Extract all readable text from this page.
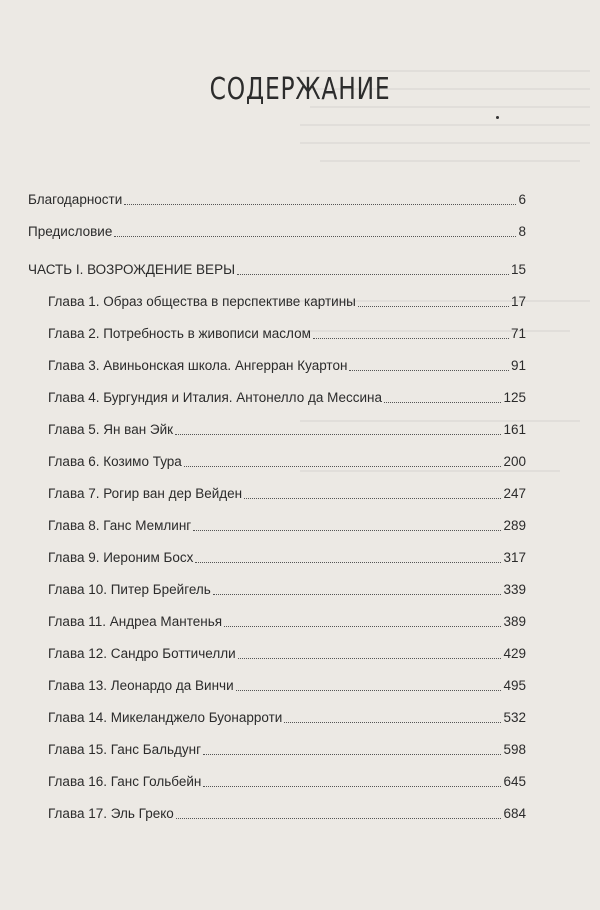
СОДЕРЖАНИЕ
Благодарности	6
Предисловие	8
ЧАСТЬ I. ВОЗРОЖДЕНИЕ ВЕРЫ	15
Глава 1. Образ общества в перспективе картины	17
Глава 2. Потребность в живописи маслом	71
Глава 3. Авиньонская школа. Ангерран Куартон	91
Глава 4. Бургундия и Италия. Антонелло да Мессина	125
Глава 5. Ян ван Эйк	161
Глава 6. Козимо Тура	200
Глава 7. Рогир ван дер Вейден	247
Глава 8. Ганс Мемлинг	289
Глава 9. Иероним Босх	317
Глава 10. Питер Брейгель	339
Глава 11. Андреа Мантенья	389
Глава 12. Сандро Боттичелли	429
Глава 13. Леонардо да Винчи	495
Глава 14. Микеланджело Буонарроти	532
Глава 15. Ганс Бальдунг	598
Глава 16. Ганс Гольбейн	645
Глава 17. Эль Греко	684
